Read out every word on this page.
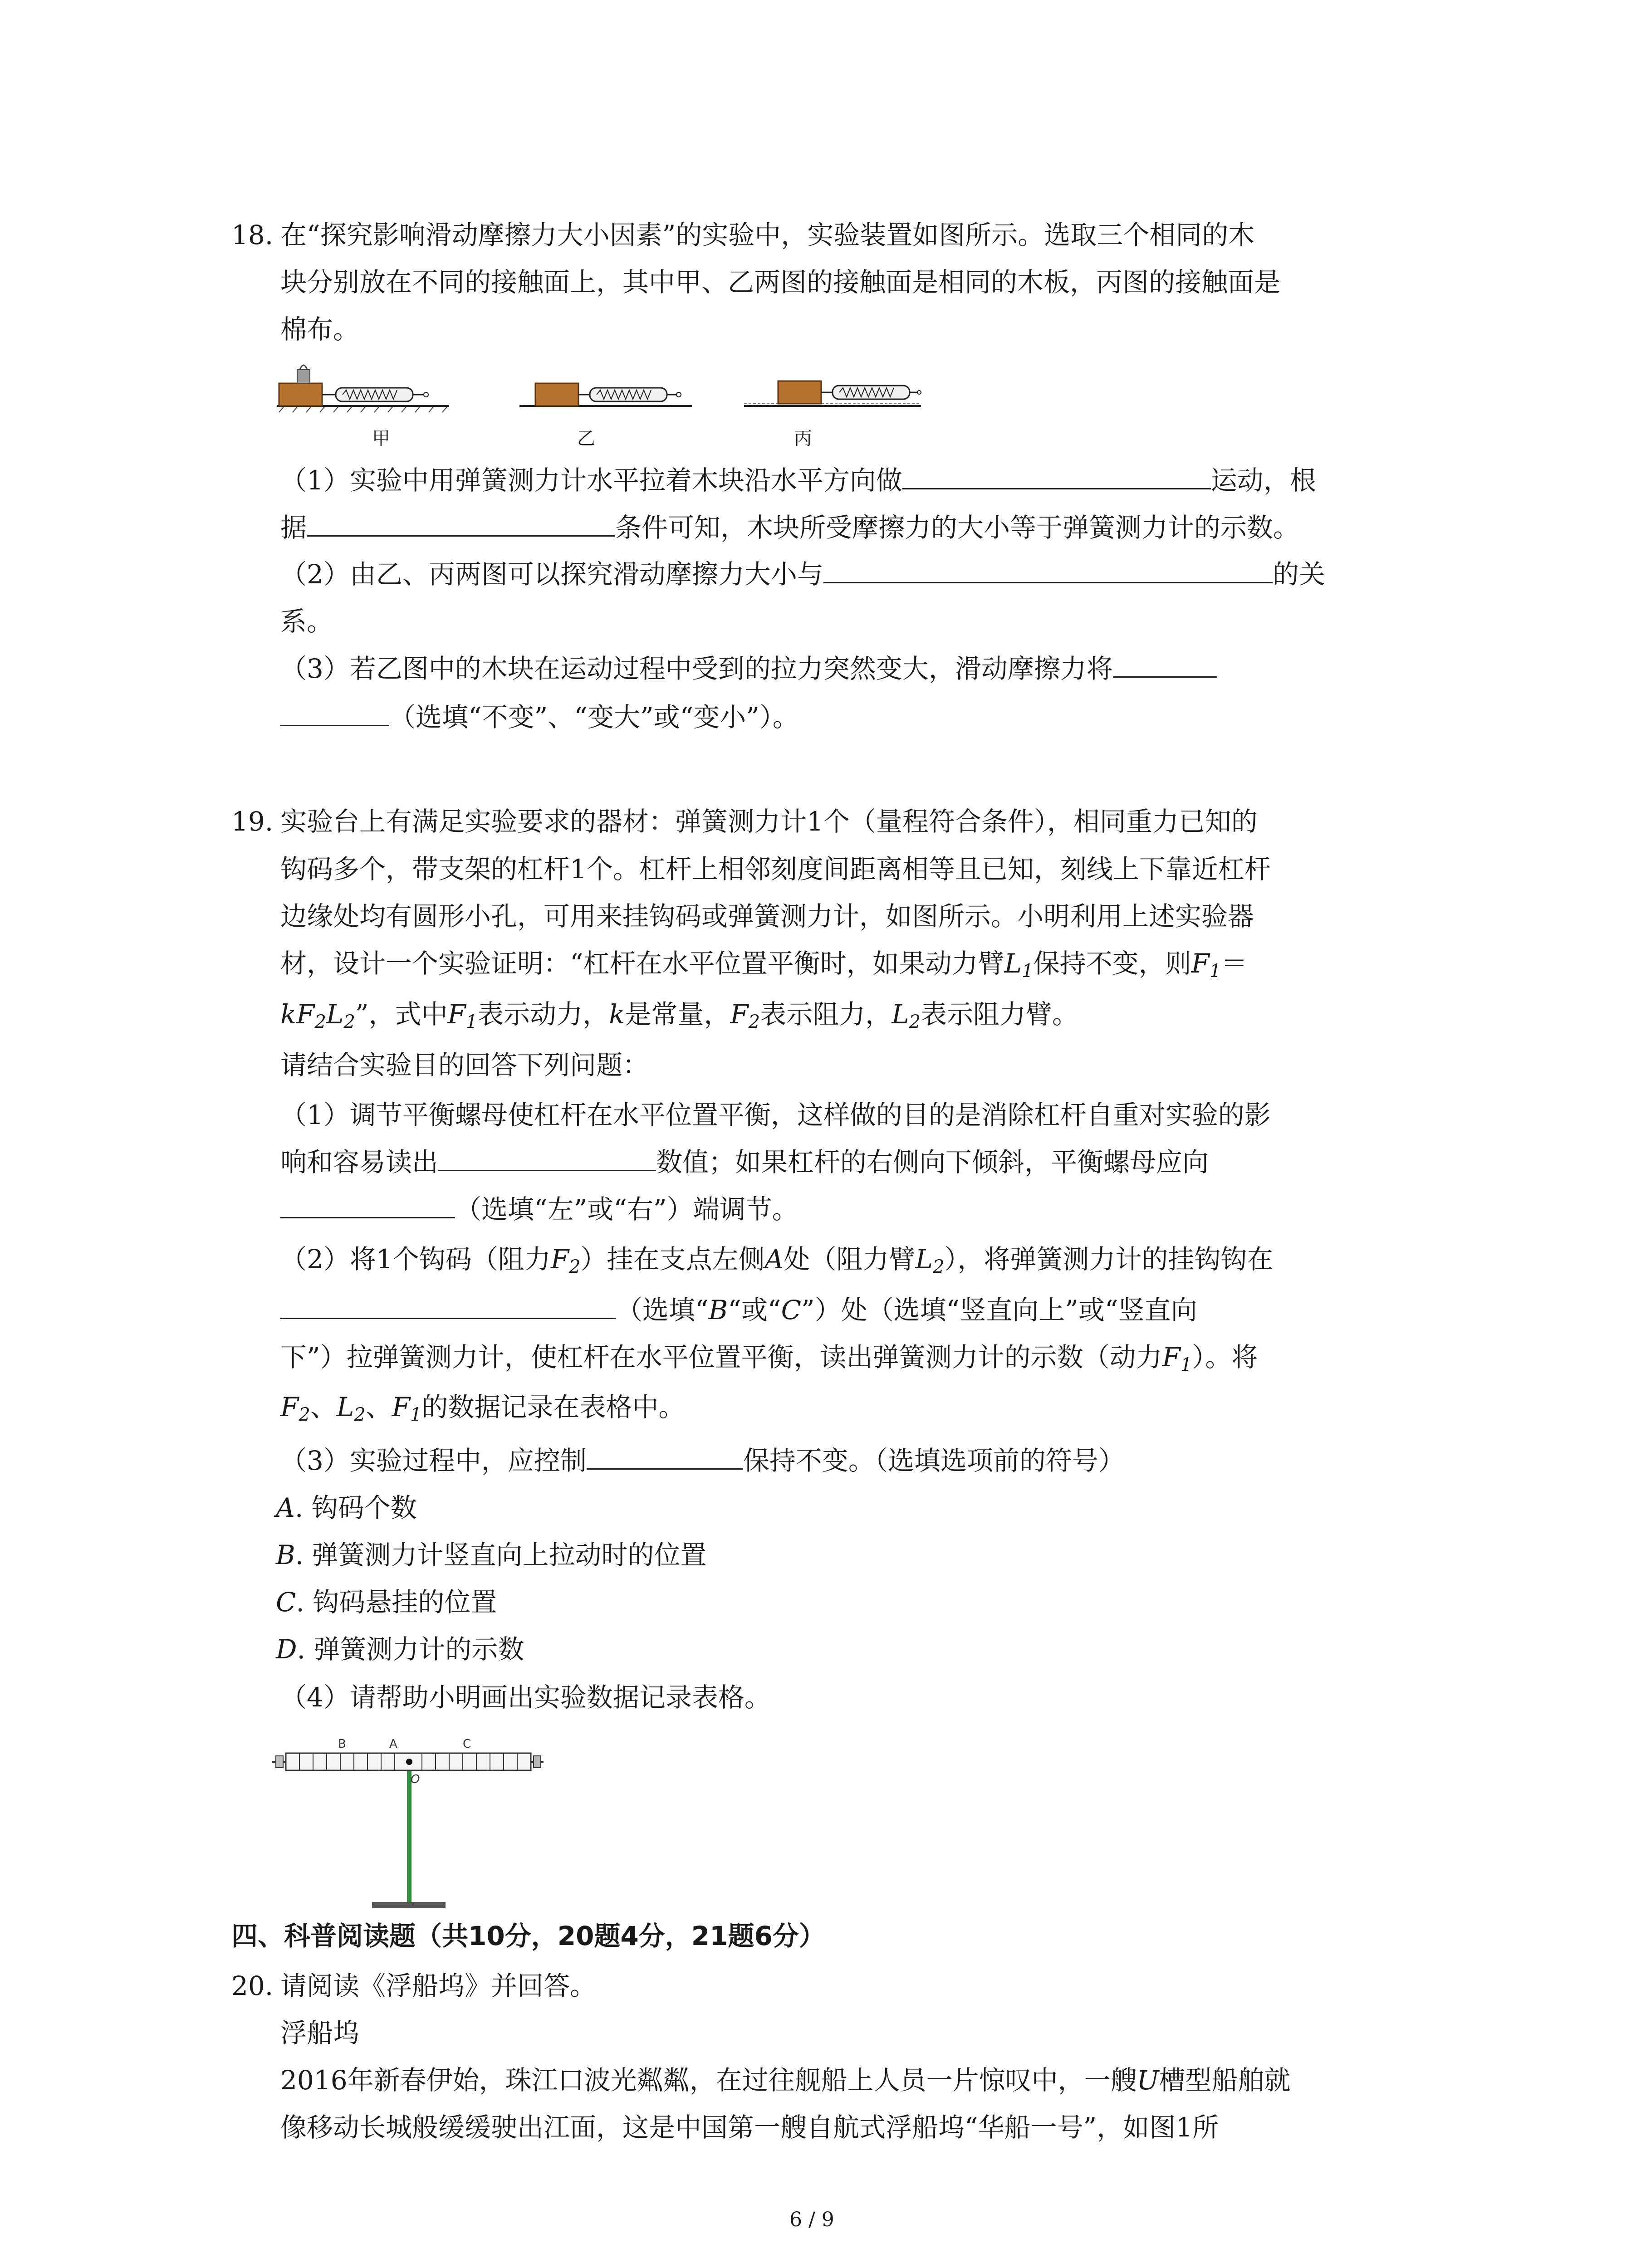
18. 在“探究影响滑动摩擦力大小因素”的实验中，实验装置如图所示。选取三个相同的木
块分别放在不同的接触面上，其中甲、乙两图的接触面是相同的木板，丙图的接触面是
棉布。
甲	乙	丙
（1）实验中用弹簧测力计水平拉着木块沿水平方向做	运动，根
据	条件可知，木块所受摩擦力的大小等于弹簧测力计的示数。
（2）由乙、丙两图可以探究滑动摩擦力大小与	的关
系。
（3）若乙图中的木块在运动过程中受到的拉力突然变大，滑动摩擦力将
（选填“不变”、“变大”或“变小”）。
19. 实验台上有满足实验要求的器材：弹簧测力计1个（量程符合条件），相同重力已知的
钩码多个，带支架的杠杆1个。杠杆上相邻刻度间距离相等且已知，刻线上下靠近杠杆
边缘处均有圆形小孔，可用来挂钩码或弹簧测力计，如图所示。小明利用上述实验器
材，设计一个实验证明：“杠杆在水平位置平衡时，如果动力臂$L_1$保持不变，则$F_1=$
$kF_2L_2$”，式中$F_1$表示动力，k是常量，$F_2$表示阻力，$L_2$表示阻力臂。
请结合实验目的回答下列问题：
（1）调节平衡螺母使杠杆在水平位置平衡，这样做的目的是消除杠杆自重对实验的影
响和容易读出	数值；如果杠杆的右侧向下倾斜，平衡螺母应向
（选填“左”或“右”）端调节。
（2）将1个钩码（阻力$F_2$）挂在支点左侧A处（阻力臂$L_2$），将弹簧测力计的挂钩钩在
（选填“B“或“C”）处（选填“竖直向上”或“竖直向
下”）拉弹簧测力计，使杠杆在水平位置平衡，读出弹簧测力计的示数（动力$F_1$）。将
$F_2$、$L_2$、$F_1$的数据记录在表格中。
（3）实验过程中，应控制	保持不变。（选填选项前的符号）
A. 钩码个数
B. 弹簧测力计竖直向上拉动时的位置
C. 钩码悬挂的位置
D. 弹簧测力计的示数
（4）请帮助小明画出实验数据记录表格。
B	A	C
O
四、科普阅读题（共10分，20题4分，21题6分）
20. 请阅读《浮船坞》并回答。
浮船坞
2016年新春伊始，珠江口波光粼粼，在过往舰船上人员一片惊叹中，一艘U槽型船舶就
像移动长城般缓缓驶出江面，这是中国第一艘自航式浮船坞“华船一号”，如图1所
6 / 9
